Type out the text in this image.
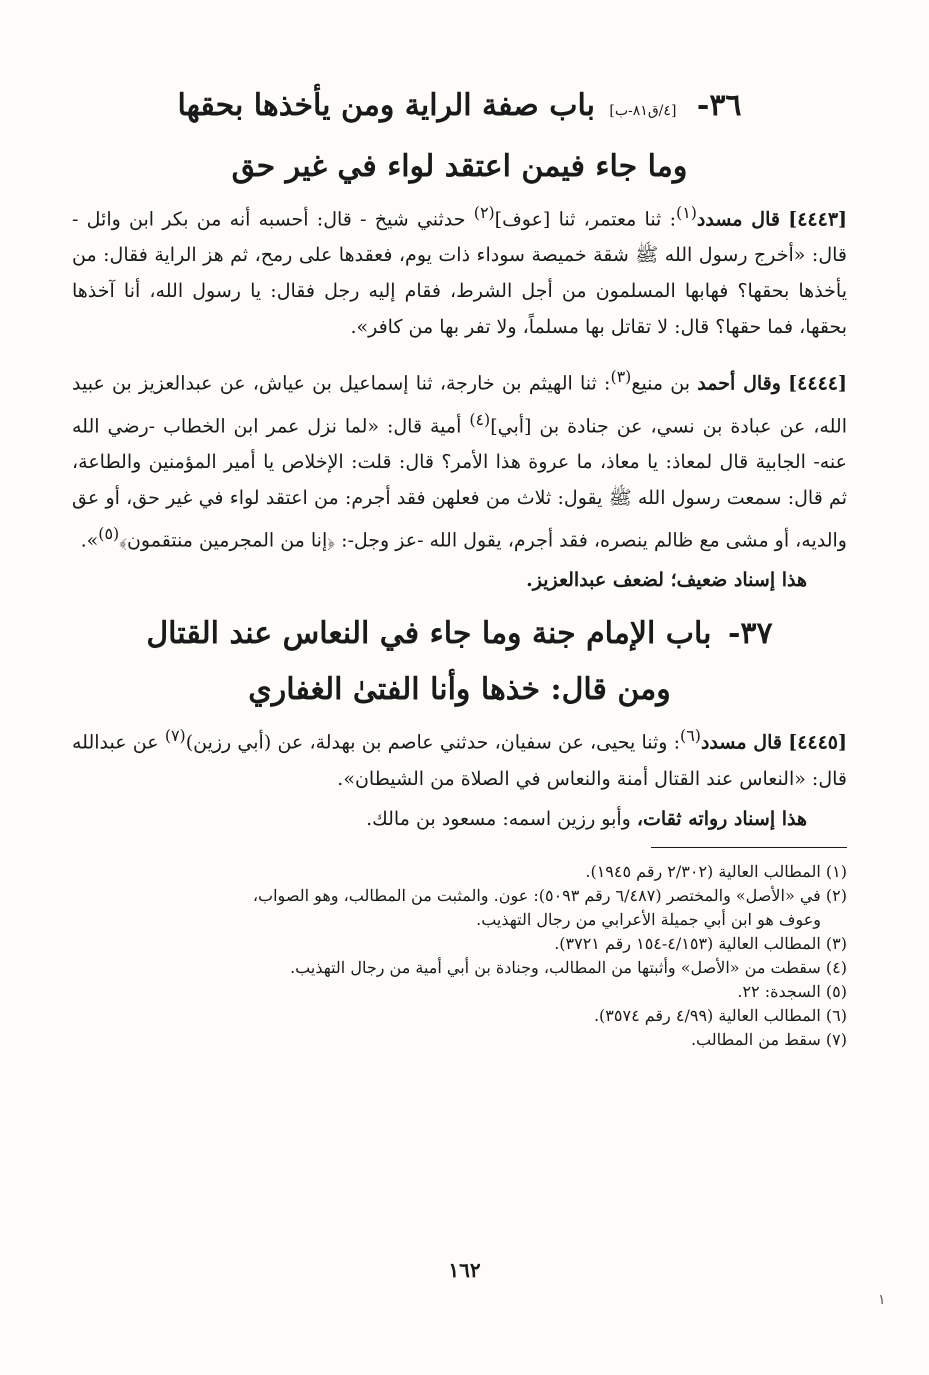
٣٦- [٤/ق٨١-ب] باب صفة الراية ومن يأخذها بحقها
وما جاء فيمن اعتقد لواء في غير حق

[٤٤٤٣] قال مسدد$^{(١)}$: ثنا معتمر، ثنا [عوف]$^{(٢)}$ حدثني شيخ - قال: أحسبه أنه من بكر ابن وائل - قال: «أخرج رسول الله ﷺ شقة خميصة سوداء ذات يوم، فعقدها على رمح، ثم هز الراية فقال: من يأخذها بحقها؟ فهابها المسلمون من أجل الشرط، فقام إليه رجل فقال: يا رسول الله، أنا آخذها بحقها، فما حقها؟ قال: لا تقاتل بها مسلماً، ولا تفر بها من كافر».

[٤٤٤٤] وقال أحمد بن منيع$^{(٣)}$: ثنا الهيثم بن خارجة، ثنا إسماعيل بن عياش، عن عبدالعزيز بن عبيد الله، عن عبادة بن نسي، عن جنادة بن [أبي]$^{(٤)}$ أمية قال: «لما نزل عمر ابن الخطاب -رضي الله عنه- الجابية قال لمعاذ: يا معاذ، ما عروة هذا الأمر؟ قال: قلت: الإخلاص يا أمير المؤمنين والطاعة، ثم قال: سمعت رسول الله ﷺ يقول: ثلاث من فعلهن فقد أجرم: من اعتقد لواء في غير حق، أو عق والديه، أو مشى مع ظالم ينصره، فقد أجرم، يقول الله -عز وجل-: ﴿إنا من المجرمين منتقمون﴾$^{(٥)}$».

هذا إسناد ضعيف؛ لضعف عبدالعزيز.

٣٧- باب الإمام جنة وما جاء في النعاس عند القتال
ومن قال: خذها وأنا الفتىٰ الغفاري

[٤٤٤٥] قال مسدد$^{(٦)}$: وثنا يحيى، عن سفيان، حدثني عاصم بن بهدلة، عن (أبي رزين)$^{(٧)}$ عن عبدالله قال: «النعاس عند القتال أمنة والنعاس في الصلاة من الشيطان».

هذا إسناد رواته ثقات، وأبو رزين اسمه: مسعود بن مالك.

(١) المطالب العالية (٢/٣٠٢ رقم ١٩٤٥).

(٢) في «الأصل» والمختصر (٦/٤٨٧ رقم ٥٠٩٣): عون. والمثبت من المطالب، وهو الصواب،
وعوف هو ابن أبي جميلة الأعرابي من رجال التهذيب.

(٣) المطالب العالية (٤/١٥٣-١٥٤ رقم ٣٧٢١).

(٤) سقطت من «الأصل» وأثبتها من المطالب، وجنادة بن أبي أمية من رجال التهذيب.

(٥) السجدة: ٢٢.

(٦) المطالب العالية (٤/٩٩ رقم ٣٥٧٤).

(٧) سقط من المطالب.

١٦٢
١
